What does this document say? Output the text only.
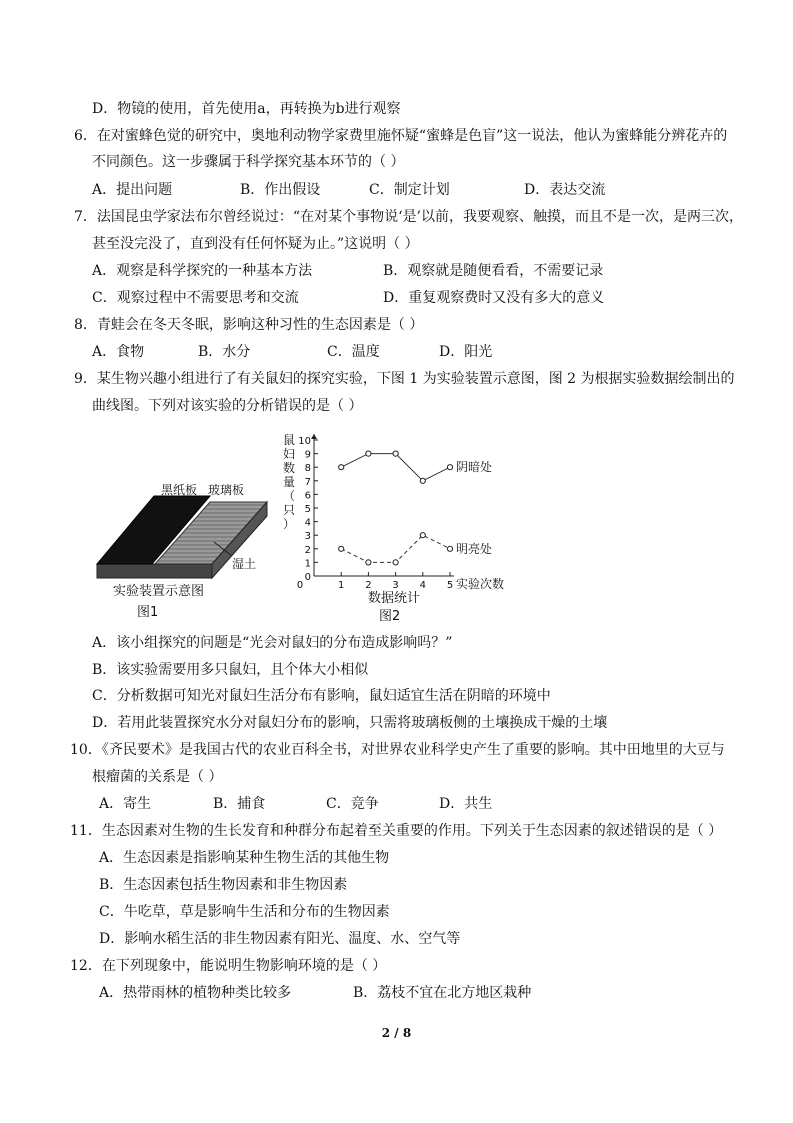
D．物镜的使用，首先使用a，再转换为b进行观察
6．在对蜜蜂色觉的研究中，奥地利动物学家费里施怀疑“蜜蜂是色盲”这一说法，他认为蜜蜂能分辨花卉的
不同颜色。这一步骤属于科学探究基本环节的（ ）
A．提出问题	B．作出假设	C．制定计划	D．表达交流
7．法国昆虫学家法布尔曾经说过：“在对某个事物说‘是’以前，我要观察、触摸，而且不是一次，是两三次，
甚至没完没了，直到没有任何怀疑为止。”这说明（ ）
A．观察是科学探究的一种基本方法	B．观察就是随便看看，不需要记录
C．观察过程中不需要思考和交流	D．重复观察费时又没有多大的意义
8．青蛙会在冬天冬眠，影响这种习性的生态因素是（ ）
A．食物	B．水分	C．温度	D．阳光
9．某生物兴趣小组进行了有关鼠妇的探究实验，下图 1 为实验装置示意图，图 2 为根据实验数据绘制出的
曲线图。下列对该实验的分析错误的是（ ）
黑纸板 玻璃板
湿土
实验装置示意图
图1
0
1
2
3
4
5
6
7
8
9
10
0	1 2 3 4 5
阴暗处
明亮处
鼠
妇
数
量
（
只
）
实验次数
数据统计
图2
A．该小组探究的问题是“光会对鼠妇的分布造成影响吗？”
B．该实验需要用多只鼠妇，且个体大小相似
C．分析数据可知光对鼠妇生活分布有影响，鼠妇适宜生活在阴暗的环境中
D．若用此装置探究水分对鼠妇分布的影响，只需将玻璃板侧的土壤换成干燥的土壤
10．《齐民要术》是我国古代的农业百科全书，对世界农业科学史产生了重要的影响。其中田地里的大豆与
根瘤菌的关系是（ ）
A．寄生	B．捕食	C．竞争	D．共生
11．生态因素对生物的生长发育和种群分布起着至关重要的作用。下列关于生态因素的叙述错误的是（ ）
A．生态因素是指影响某种生物生活的其他生物
B．生态因素包括生物因素和非生物因素
C．牛吃草，草是影响牛生活和分布的生物因素
D．影响水稻生活的非生物因素有阳光、温度、水、空气等
12．在下列现象中，能说明生物影响环境的是（ ）
A．热带雨林的植物种类比较多	B．荔枝不宜在北方地区栽种
2 / 8
